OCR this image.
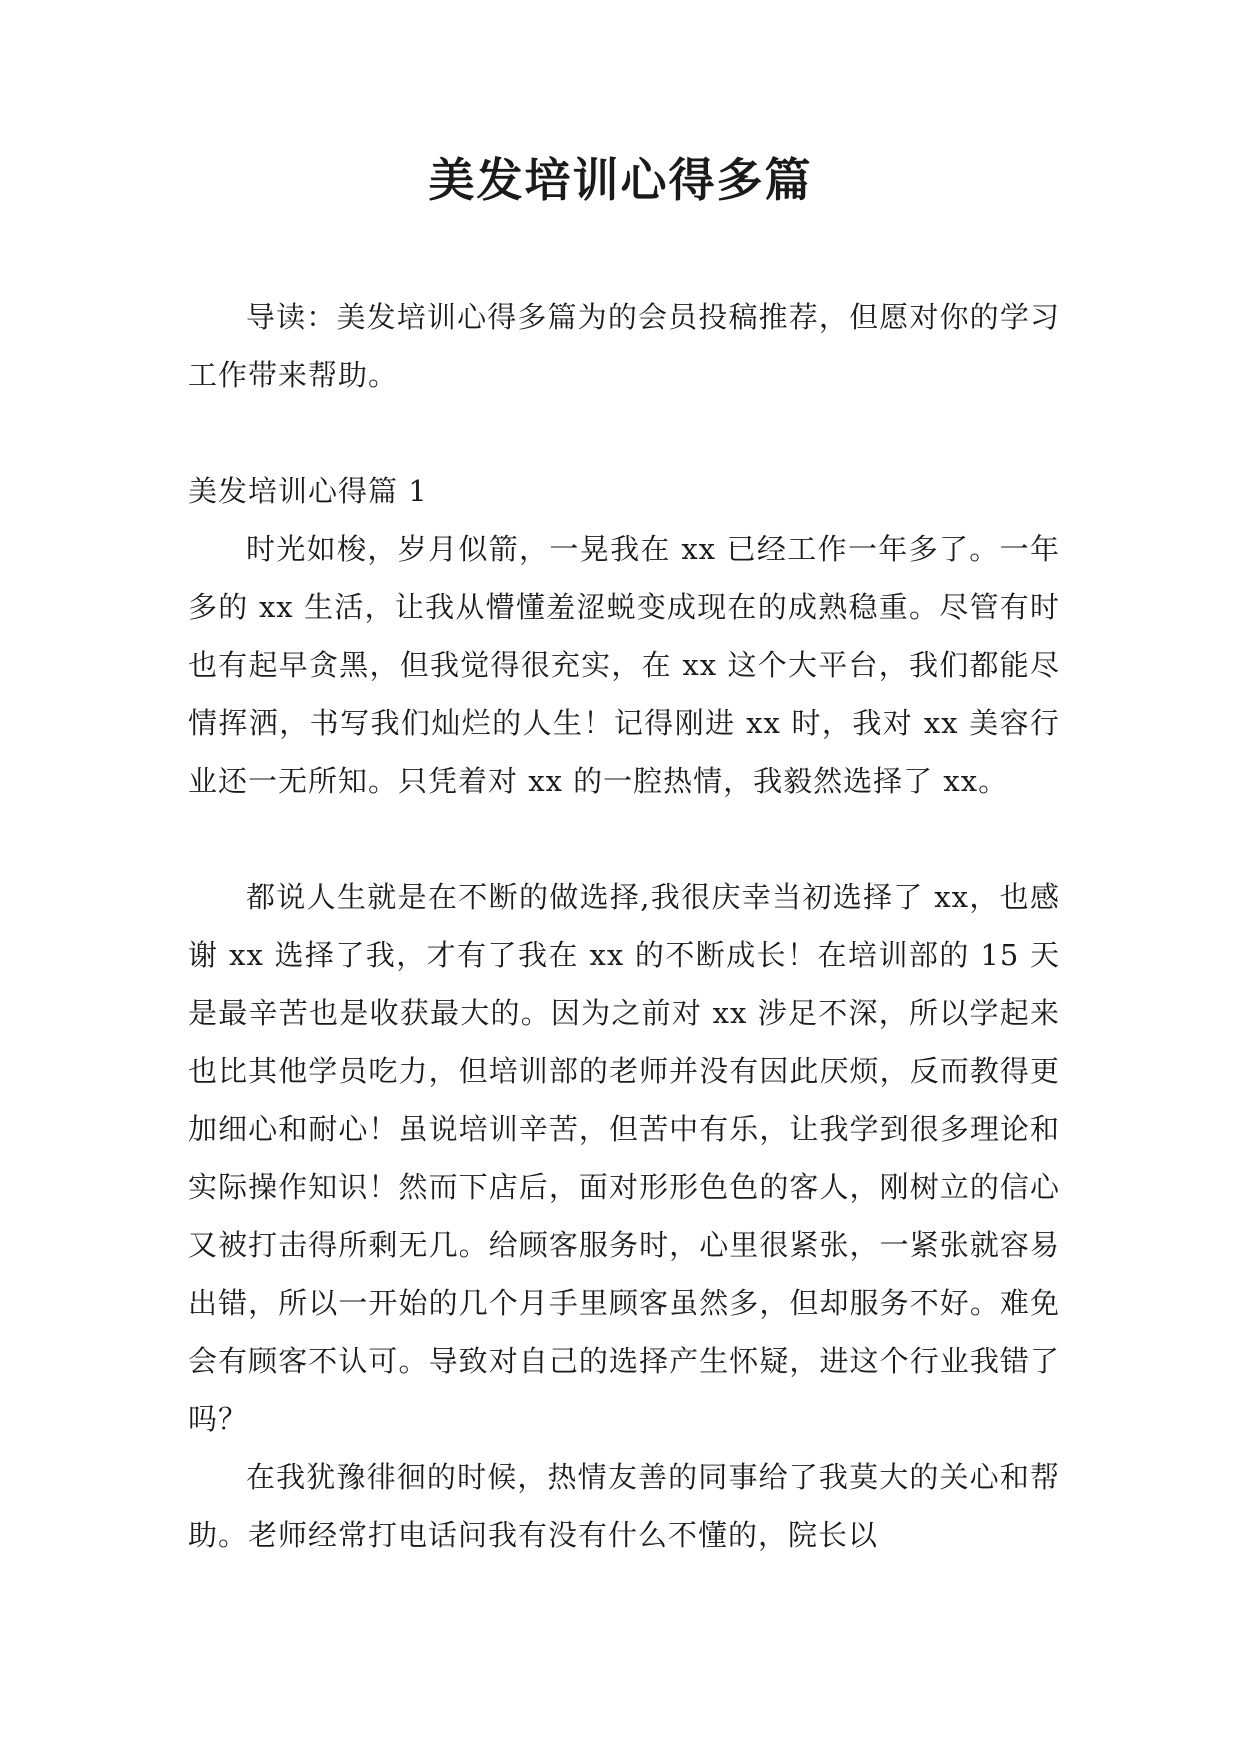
美发培训心得多篇

导读：美发培训心得多篇为的会员投稿推荐，但愿对你的学习工作带来帮助。

美发培训心得篇 1

时光如梭，岁月似箭，一晃我在 xx 已经工作一年多了。一年多的 xx 生活，让我从懵懂羞涩蜕变成现在的成熟稳重。尽管有时也有起早贪黑，但我觉得很充实，在 xx 这个大平台，我们都能尽情挥洒，书写我们灿烂的人生！记得刚进 xx 时，我对 xx 美容行业还一无所知。只凭着对 xx 的一腔热情，我毅然选择了 xx。

都说人生就是在不断的做选择,我很庆幸当初选择了 xx，也感谢 xx 选择了我，才有了我在 xx 的不断成长！在培训部的 15 天是最辛苦也是收获最大的。因为之前对 xx 涉足不深，所以学起来也比其他学员吃力，但培训部的老师并没有因此厌烦，反而教得更加细心和耐心！虽说培训辛苦，但苦中有乐，让我学到很多理论和实际操作知识！然而下店后，面对形形色色的客人，刚树立的信心又被打击得所剩无几。给顾客服务时，心里很紧张，一紧张就容易出错，所以一开始的几个月手里顾客虽然多，但却服务不好。难免会有顾客不认可。导致对自己的选择产生怀疑，进这个行业我错了吗？

在我犹豫徘徊的时候，热情友善的同事给了我莫大的关心和帮助。老师经常打电话问我有没有什么不懂的，院长以
